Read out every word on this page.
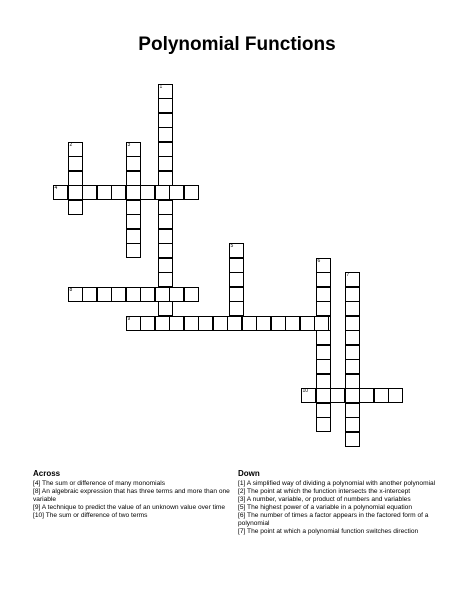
Polynomial Functions
1
2	3
4
5
6
7
8
9
10
Across
[4] The sum or difference of many monomials
[8] An algebraic expression that has three terms and more than one variable
[9] A technique to predict the value of an unknown value over time
[10] The sum or difference of two terms
Down
[1] A simplified way of dividing a polynomial with another polynomial
[2] The point at which the function intersects the x-intercept
[3] A number, variable, or product of numbers and variables
[5] The highest power of a variable in a polynomial equation
[6] The number of times a factor appears in the factored form of a polynomial
[7] The point at which a polynomial function switches direction
